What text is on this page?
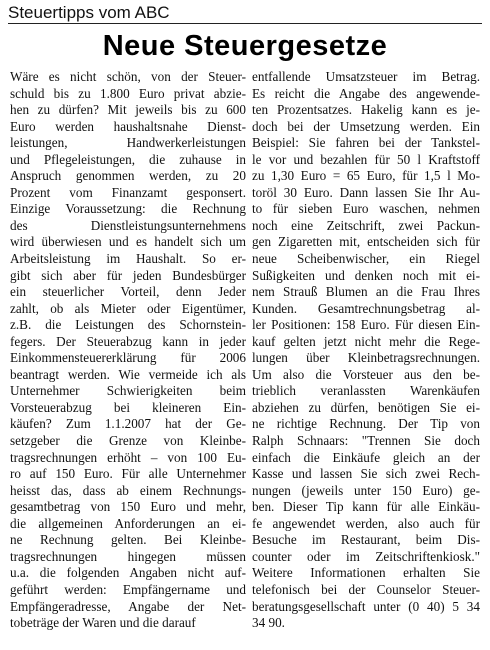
Steuertipps vom ABC
Neue Steuergesetze
Wäre es nicht schön, von der Steuer-
schuld bis zu 1.800 Euro privat abzie-
hen zu dürfen? Mit jeweils bis zu 600
Euro werden haushaltsnahe Dienst-
leistungen, Handwerkerleistungen
und Pflegeleistungen, die zuhause in
Anspruch genommen werden, zu 20
Prozent vom Finanzamt gesponsert.
Einzige Voraussetzung: die Rechnung
des Dienstleistungsunternehmens
wird überwiesen und es handelt sich um
Arbeitsleistung im Haushalt. So er-
gibt sich aber für jeden Bundesbürger
ein steuerlicher Vorteil, denn Jeder
zahlt, ob als Mieter oder Eigentümer,
z.B. die Leistungen des Schornstein-
fegers. Der Steuerabzug kann in jeder
Einkommensteuererklärung für 2006
beantragt werden. Wie vermeide ich als
Unternehmer Schwierigkeiten beim
Vorsteuerabzug bei kleineren Ein-
käufen? Zum 1.1.2007 hat der Ge-
setzgeber die Grenze von Kleinbe-
tragsrechnungen erhöht – von 100 Eu-
ro auf 150 Euro. Für alle Unternehmer
heisst das, dass ab einem Rechnungs-
gesamtbetrag von 150 Euro und mehr,
die allgemeinen Anforderungen an ei-
ne Rechnung gelten. Bei Kleinbe-
tragsrechnungen hingegen müssen
u.a. die folgenden Angaben nicht auf-
geführt werden: Empfängername und
Empfängeradresse, Angabe der Net-
tobeträge der Waren und die darauf
entfallende Umsatzsteuer im Betrag.
Es reicht die Angabe des angewende-
ten Prozentsatzes. Hakelig kann es je-
doch bei der Umsetzung werden. Ein
Beispiel: Sie fahren bei der Tankstel-
le vor und bezahlen für 50 l Kraftstoff
zu 1,30 Euro = 65 Euro, für 1,5 l Mo-
toröl 30 Euro. Dann lassen Sie Ihr Au-
to für sieben Euro waschen, nehmen
noch eine Zeitschrift, zwei Packun-
gen Zigaretten mit, entscheiden sich für
neue Scheibenwischer, ein Riegel
Sußigkeiten und denken noch mit ei-
nem Strauß Blumen an die Frau Ihres
Kunden. Gesamtrechnungsbetrag al-
ler Positionen: 158 Euro. Für diesen Ein-
kauf gelten jetzt nicht mehr die Rege-
lungen über Kleinbetragsrechnungen.
Um also die Vorsteuer aus den be-
trieblich veranlassten Warenkäufen
abziehen zu dürfen, benötigen Sie ei-
ne richtige Rechnung. Der Tip von
Ralph Schnaars: "Trennen Sie doch
einfach die Einkäufe gleich an der
Kasse und lassen Sie sich zwei Rech-
nungen (jeweils unter 150 Euro) ge-
ben. Dieser Tip kann für alle Einkäu-
fe angewendet werden, also auch für
Besuche im Restaurant, beim Dis-
counter oder im Zeitschriftenkiosk."
Weitere Informationen erhalten Sie
telefonisch bei der Counselor Steuer-
beratungsgesellschaft unter (0 40) 5 34
34 90.
